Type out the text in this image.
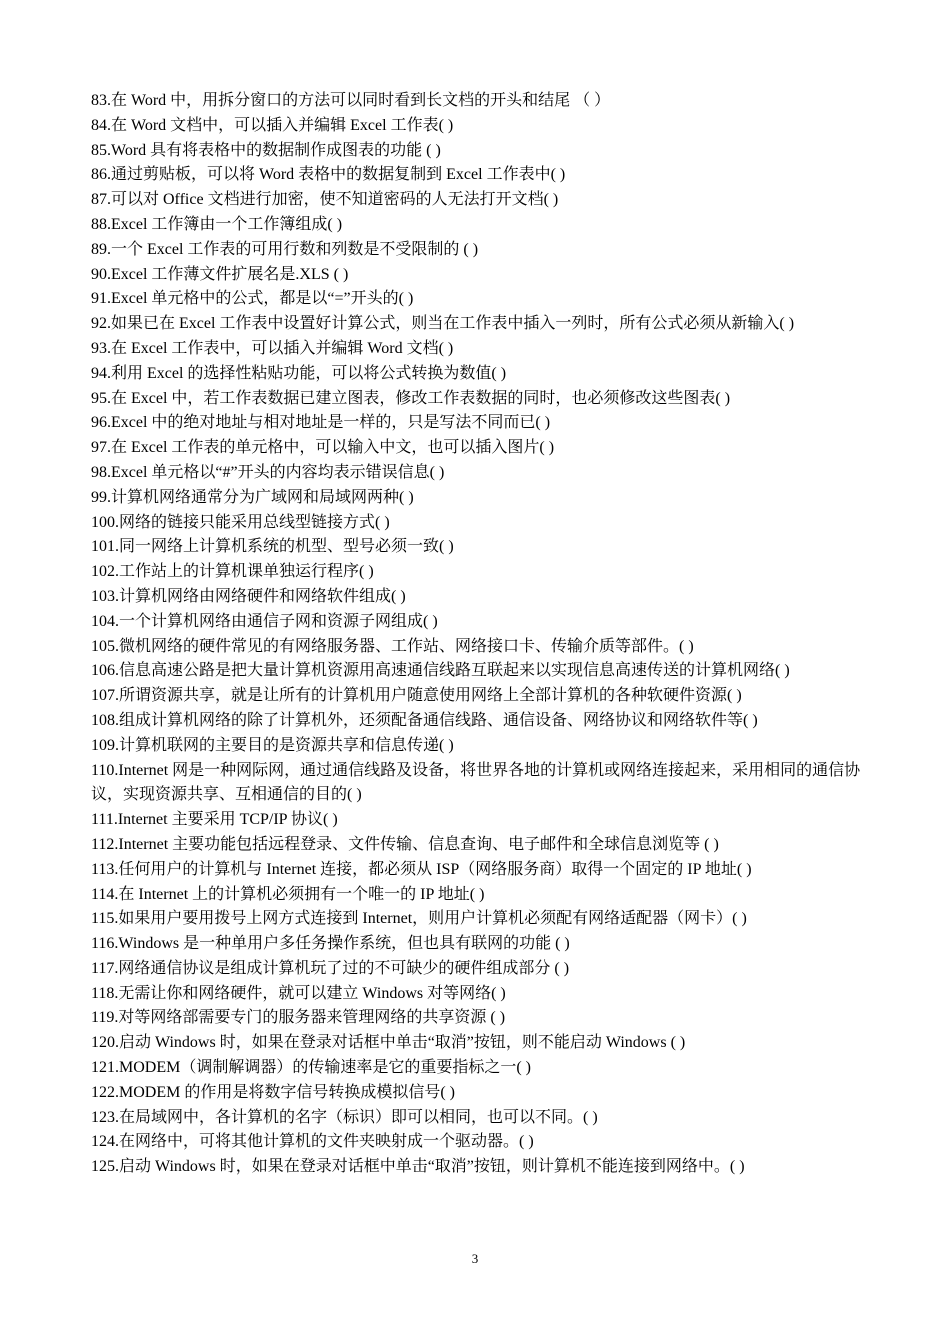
83.在 Word 中，用拆分窗口的方法可以同时看到长文档的开头和结尾 （ ）

84.在 Word 文档中，可以插入并编辑 Excel 工作表( )

85.Word 具有将表格中的数据制作成图表的功能 ( )

86.通过剪贴板，可以将 Word 表格中的数据复制到 Excel 工作表中( )

87.可以对 Office 文档进行加密，使不知道密码的人无法打开文档( )

88.Excel 工作簿由一个工作簿组成( )

89.一个 Excel 工作表的可用行数和列数是不受限制的 ( )

90.Excel 工作薄文件扩展名是.XLS ( )

91.Excel 单元格中的公式，都是以“=”开头的( )

92.如果已在 Excel 工作表中设置好计算公式，则当在工作表中插入一列时，所有公式必须从新输入( )

93.在 Excel 工作表中，可以插入并编辑 Word 文档( )

94.利用 Excel 的选择性粘贴功能，可以将公式转换为数值( )

95.在 Excel 中，若工作表数据已建立图表，修改工作表数据的同时，也必须修改这些图表( )

96.Excel 中的绝对地址与相对地址是一样的，只是写法不同而已( )

97.在 Excel 工作表的单元格中，可以输入中文，也可以插入图片( )

98.Excel 单元格以“#”开头的内容均表示错误信息( )

99.计算机网络通常分为广域网和局域网两种( )

100.网络的链接只能采用总线型链接方式( )

101.同一网络上计算机系统的机型、型号必须一致( )

102.工作站上的计算机课单独运行程序( )

103.计算机网络由网络硬件和网络软件组成( )

104.一个计算机网络由通信子网和资源子网组成( )

105.微机网络的硬件常见的有网络服务器、工作站、网络接口卡、传输介质等部件。( )

106.信息高速公路是把大量计算机资源用高速通信线路互联起来以实现信息高速传送的计算机网络( )

107.所谓资源共享，就是让所有的计算机用户随意使用网络上全部计算机的各种软硬件资源( )

108.组成计算机网络的除了计算机外，还须配备通信线路、通信设备、网络协议和网络软件等( )

109.计算机联网的主要目的是资源共享和信息传递( )

110.Internet 网是一种网际网，通过通信线路及设备，将世界各地的计算机或网络连接起来，采用相同的通信协议，实现资源共享、互相通信的目的( )

111.Internet 主要采用 TCP/IP 协议( )

112.Internet 主要功能包括远程登录、文件传输、信息查询、电子邮件和全球信息浏览等 ( )

113.任何用户的计算机与 Internet 连接，都必须从 ISP（网络服务商）取得一个固定的 IP 地址( )

114.在 Internet 上的计算机必须拥有一个唯一的 IP 地址( )

115.如果用户要用拨号上网方式连接到 Internet，则用户计算机必须配有网络适配器（网卡）( )

116.Windows 是一种单用户多任务操作系统，但也具有联网的功能 ( )

117.网络通信协议是组成计算机玩了过的不可缺少的硬件组成部分 ( )

118.无需让你和网络硬件，就可以建立 Windows 对等网络( )

119.对等网络部需要专门的服务器来管理网络的共享资源 ( )

120.启动 Windows 时，如果在登录对话框中单击“取消”按钮，则不能启动 Windows ( )

121.MODEM（调制解调器）的传输速率是它的重要指标之一( )

122.MODEM 的作用是将数字信号转换成模拟信号( )

123.在局域网中，各计算机的名字（标识）即可以相同，也可以不同。( )

124.在网络中，可将其他计算机的文件夹映射成一个驱动器。( )

125.启动 Windows 时，如果在登录对话框中单击“取消”按钮，则计算机不能连接到网络中。( )

3
